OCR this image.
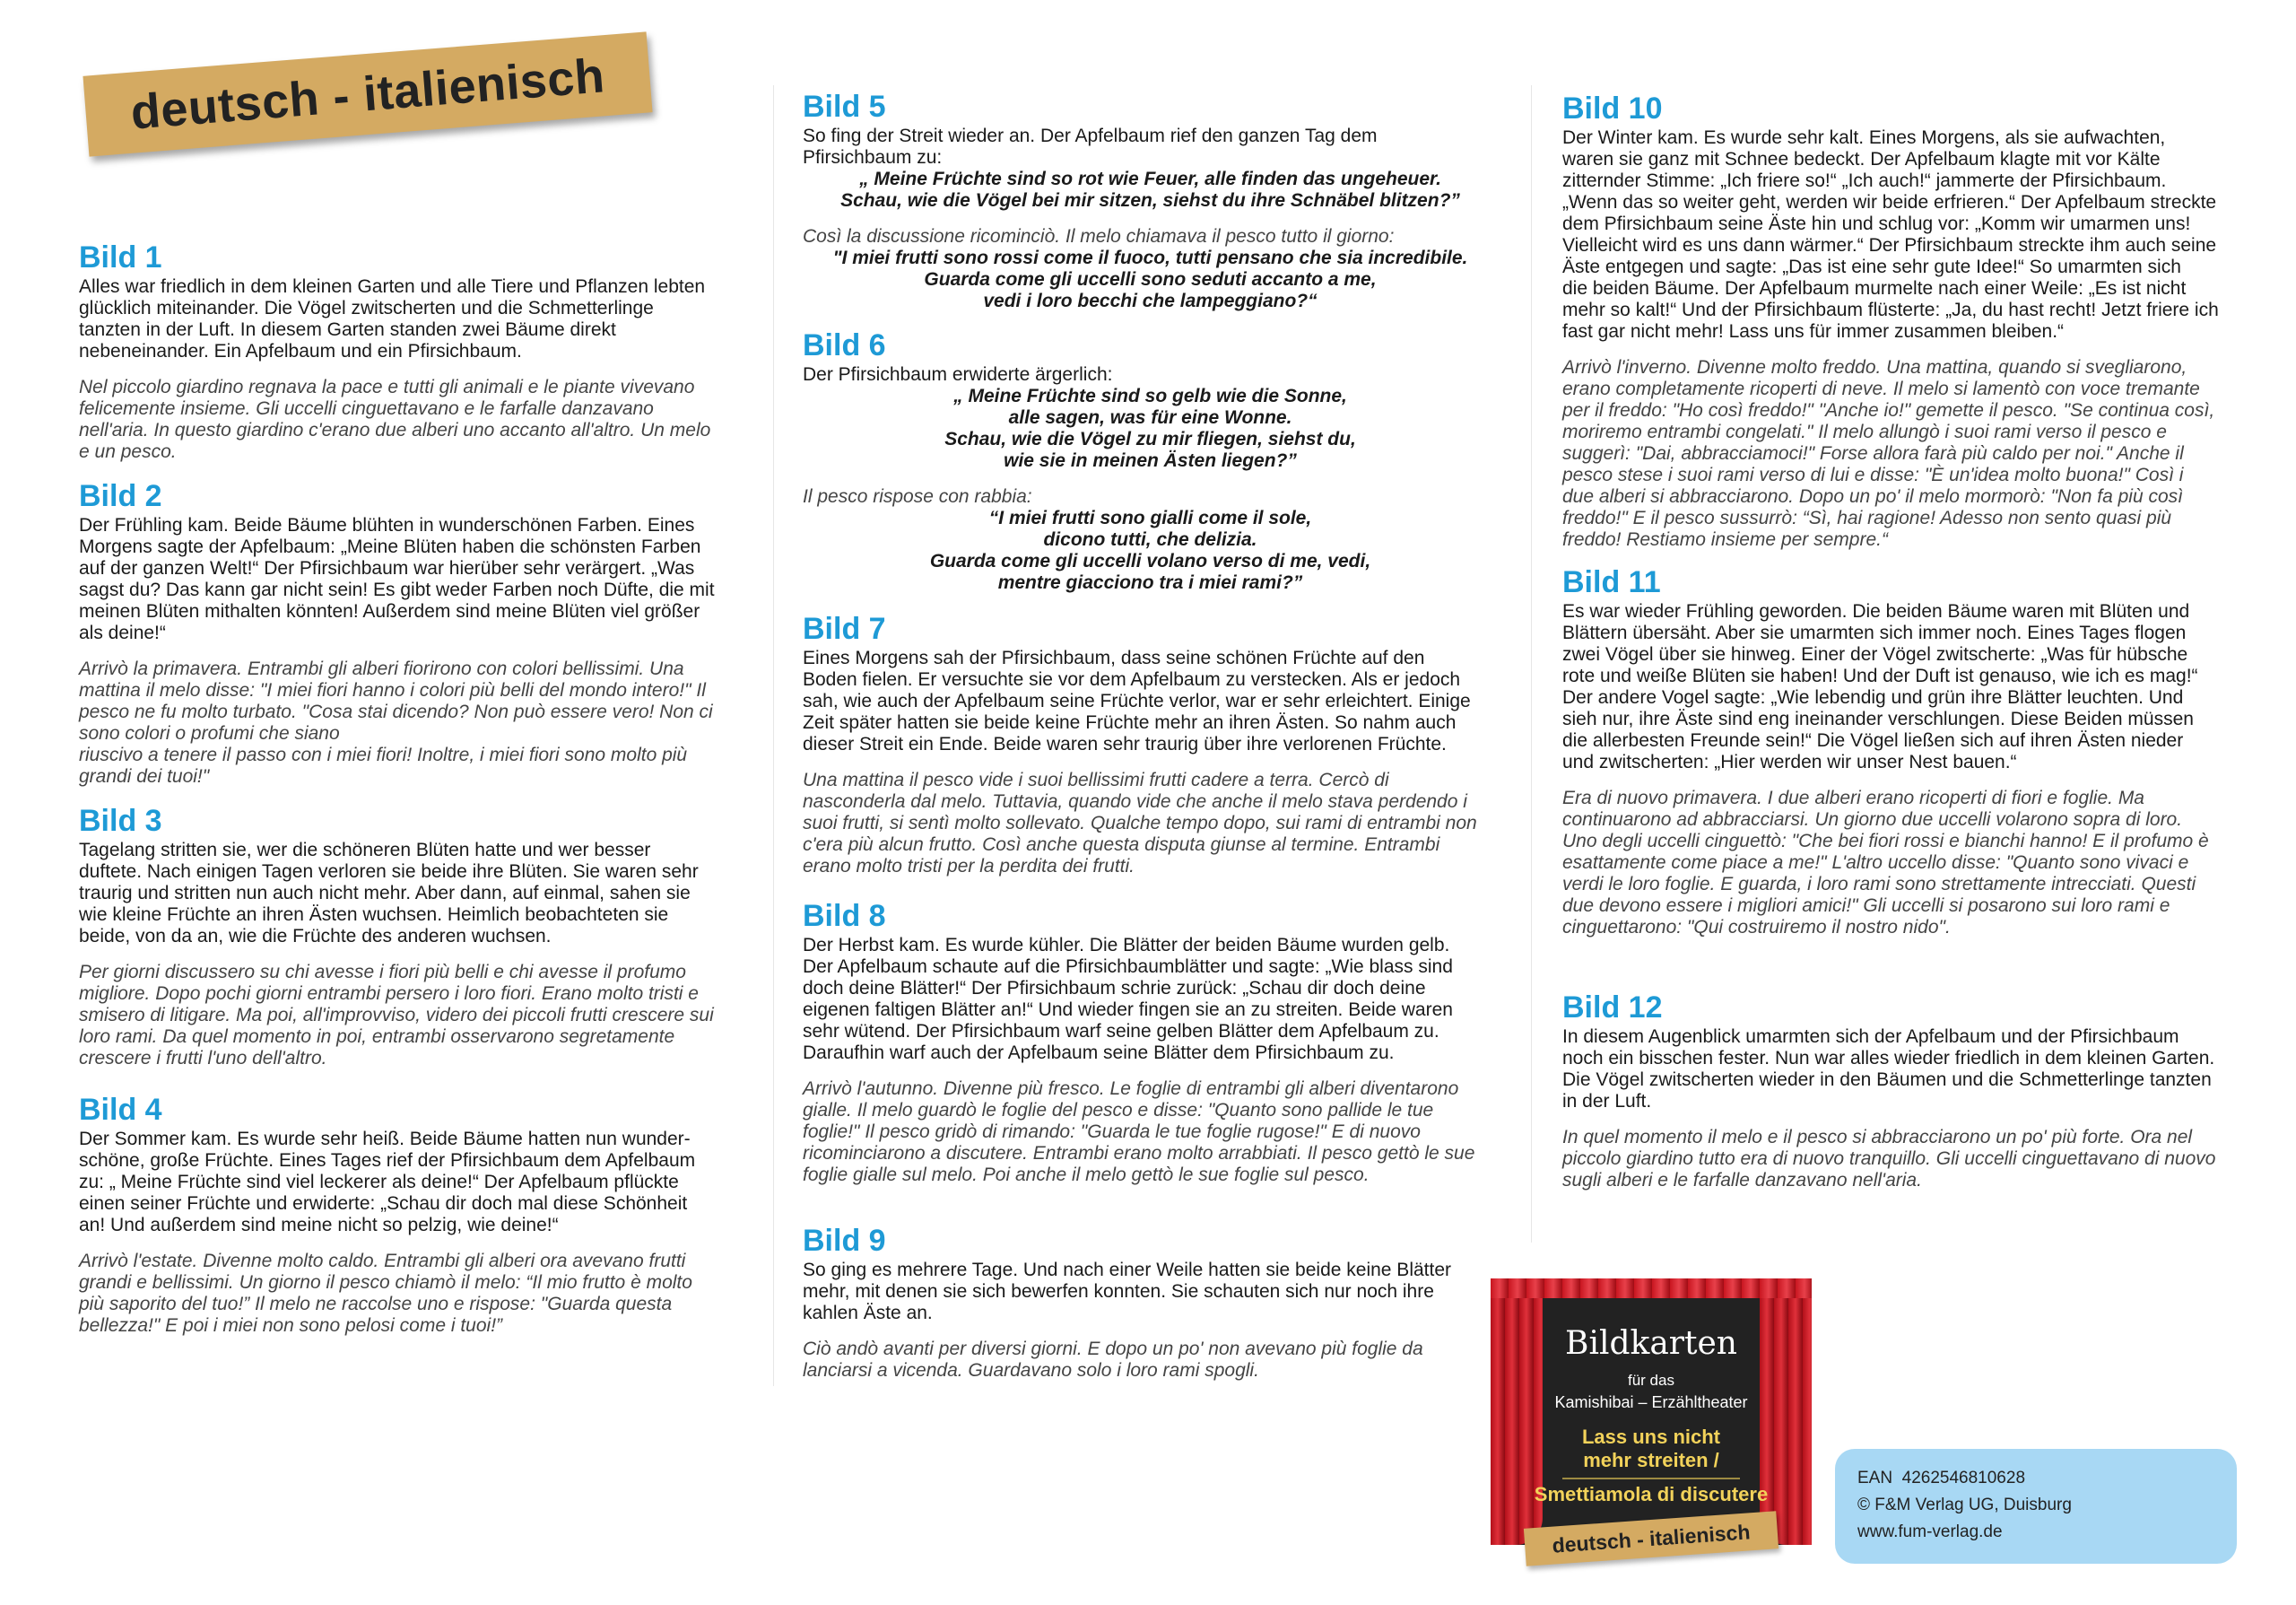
deutsch - italienisch
Bild 1

Alles war friedlich in dem kleinen Garten und alle Tiere und Pflanzen lebten
glücklich miteinander. Die Vögel zwitscherten und die Schmetterlinge
tanzten in der Luft. In diesem Garten standen zwei Bäume direkt
nebeneinander. Ein Apfelbaum und ein Pfirsichbaum.

Nel piccolo giardino regnava la pace e tutti gli animali e le piante vivevano
felicemente insieme. Gli uccelli cinguettavano e le farfalle danzavano
nell'aria. In questo giardino c'erano due alberi uno accanto all'altro. Un melo
e un pesco.

Bild 2

Der Frühling kam. Beide Bäume blühten in wunderschönen Farben. Eines
Morgens sagte der Apfelbaum: „Meine Blüten haben die schönsten Farben
auf der ganzen Welt!“ Der Pfirsichbaum war hierüber sehr verärgert. „Was
sagst du? Das kann gar nicht sein! Es gibt weder Farben noch Düfte, die mit
meinen Blüten mithalten könnten! Außerdem sind meine Blüten viel größer
als deine!“

Arrivò la primavera. Entrambi gli alberi fiorirono con colori bellissimi. Una
mattina il melo disse: "I miei fiori hanno i colori più belli del mondo intero!" Il
pesco ne fu molto turbato. "Cosa stai dicendo? Non può essere vero! Non ci
sono colori o profumi che siano
riuscivo a tenere il passo con i miei fiori! Inoltre, i miei fiori sono molto più
grandi dei tuoi!"

Bild 3

Tagelang stritten sie, wer die schöneren Blüten hatte und wer besser
duftete. Nach einigen Tagen verloren sie beide ihre Blüten. Sie waren sehr
traurig und stritten nun auch nicht mehr. Aber dann, auf einmal, sahen sie
wie kleine Früchte an ihren Ästen wuchsen. Heimlich beobachteten sie
beide, von da an, wie die Früchte des anderen wuchsen.

Per giorni discussero su chi avesse i fiori più belli e chi avesse il profumo
migliore. Dopo pochi giorni entrambi persero i loro fiori. Erano molto tristi e
smisero di litigare. Ma poi, all'improvviso, videro dei piccoli frutti crescere sui
loro rami. Da quel momento in poi, entrambi osservarono segretamente
crescere i frutti l'uno dell'altro.

Bild 4

Der Sommer kam. Es wurde sehr heiß. Beide Bäume hatten nun wunder-
schöne, große Früchte. Eines Tages rief der Pfirsichbaum dem Apfelbaum
zu: „ Meine Früchte sind viel leckerer als deine!“ Der Apfelbaum pflückte
einen seiner Früchte und erwiderte: „Schau dir doch mal diese Schönheit
an! Und außerdem sind meine nicht so pelzig, wie deine!“

Arrivò l'estate. Divenne molto caldo. Entrambi gli alberi ora avevano frutti
grandi e bellissimi. Un giorno il pesco chiamò il melo: “Il mio frutto è molto
più saporito del tuo!” Il melo ne raccolse uno e rispose: "Guarda questa
bellezza!" E poi i miei non sono pelosi come i tuoi!”

Bild 5

So fing der Streit wieder an. Der Apfelbaum rief den ganzen Tag dem
Pfirsichbaum zu:

„ Meine Früchte sind so rot wie Feuer, alle finden das ungeheuer.
Schau, wie die Vögel bei mir sitzen, siehst du ihre Schnäbel blitzen?”

Così la discussione ricominciò. Il melo chiamava il pesco tutto il giorno:

"I miei frutti sono rossi come il fuoco, tutti pensano che sia incredibile.
Guarda come gli uccelli sono seduti accanto a me,
vedi i loro becchi che lampeggiano?“

Bild 6

Der Pfirsichbaum erwiderte ärgerlich:

„ Meine Früchte sind so gelb wie die Sonne,
alle sagen, was für eine Wonne.
Schau, wie die Vögel zu mir fliegen, siehst du,
wie sie in meinen Ästen liegen?”

Il pesco rispose con rabbia:

“I miei frutti sono gialli come il sole,
dicono tutti, che delizia.
Guarda come gli uccelli volano verso di me, vedi,
mentre giacciono tra i miei rami?”

Bild 7

Eines Morgens sah der Pfirsichbaum, dass seine schönen Früchte auf den
Boden fielen. Er versuchte sie vor dem Apfelbaum zu verstecken. Als er jedoch
sah, wie auch der Apfelbaum seine Früchte verlor, war er sehr erleichtert. Einige
Zeit später hatten sie beide keine Früchte mehr an ihren Ästen. So nahm auch
dieser Streit ein Ende. Beide waren sehr traurig über ihre verlorenen Früchte.

Una mattina il pesco vide i suoi bellissimi frutti cadere a terra. Cercò di
nasconderla dal melo. Tuttavia, quando vide che anche il melo stava perdendo i
suoi frutti, si sentì molto sollevato. Qualche tempo dopo, sui rami di entrambi non
c'era più alcun frutto. Così anche questa disputa giunse al termine. Entrambi
erano molto tristi per la perdita dei frutti.

Bild 8

Der Herbst kam. Es wurde kühler. Die Blätter der beiden Bäume wurden gelb.
Der Apfelbaum schaute auf die Pfirsichbaumblätter und sagte: „Wie blass sind
doch deine Blätter!“ Der Pfirsichbaum schrie zurück: „Schau dir doch deine
eigenen faltigen Blätter an!“ Und wieder fingen sie an zu streiten. Beide waren
sehr wütend. Der Pfirsichbaum warf seine gelben Blätter dem Apfelbaum zu.
Daraufhin warf auch der Apfelbaum seine Blätter dem Pfirsichbaum zu.

Arrivò l'autunno. Divenne più fresco. Le foglie di entrambi gli alberi diventarono
gialle. Il melo guardò le foglie del pesco e disse: "Quanto sono pallide le tue
foglie!" Il pesco gridò di rimando: "Guarda le tue foglie rugose!" E di nuovo
ricominciarono a discutere. Entrambi erano molto arrabbiati. Il pesco gettò le sue
foglie gialle sul melo. Poi anche il melo gettò le sue foglie sul pesco.

Bild 9

So ging es mehrere Tage. Und nach einer Weile hatten sie beide keine Blätter
mehr, mit denen sie sich bewerfen konnten. Sie schauten sich nur noch ihre
kahlen Äste an.

Ciò andò avanti per diversi giorni. E dopo un po' non avevano più foglie da
lanciarsi a vicenda. Guardavano solo i loro rami spogli.

Bild 10

Der Winter kam. Es wurde sehr kalt. Eines Morgens, als sie aufwachten,
waren sie ganz mit Schnee bedeckt. Der Apfelbaum klagte mit vor Kälte
zitternder Stimme: „Ich friere so!“ „Ich auch!“ jammerte der Pfirsichbaum.
„Wenn das so weiter geht, werden wir beide erfrieren.“ Der Apfelbaum streckte
dem Pfirsichbaum seine Äste hin und schlug vor: „Komm wir umarmen uns!
Vielleicht wird es uns dann wärmer.“ Der Pfirsichbaum streckte ihm auch seine
Äste entgegen und sagte: „Das ist eine sehr gute Idee!“ So umarmten sich
die beiden Bäume. Der Apfelbaum murmelte nach einer Weile: „Es ist nicht
mehr so kalt!“ Und der Pfirsichbaum flüsterte: „Ja, du hast recht! Jetzt friere ich
fast gar nicht mehr! Lass uns für immer zusammen bleiben.“

Arrivò l'inverno. Divenne molto freddo. Una mattina, quando si svegliarono,
erano completamente ricoperti di neve. Il melo si lamentò con voce tremante
per il freddo: "Ho così freddo!" "Anche io!" gemette il pesco. "Se continua così,
moriremo entrambi congelati." Il melo allungò i suoi rami verso il pesco e
suggerì: "Dai, abbracciamoci!" Forse allora farà più caldo per noi." Anche il
pesco stese i suoi rami verso di lui e disse: "È un'idea molto buona!" Così i
due alberi si abbracciarono. Dopo un po' il melo mormorò: "Non fa più così
freddo!" E il pesco sussurrò: “Sì, hai ragione! Adesso non sento quasi più
freddo! Restiamo insieme per sempre.“

Bild 11

Es war wieder Frühling geworden. Die beiden Bäume waren mit Blüten und
Blättern übersäht. Aber sie umarmten sich immer noch. Eines Tages flogen
zwei Vögel über sie hinweg. Einer der Vögel zwitscherte: „Was für hübsche
rote und weiße Blüten sie haben! Und der Duft ist genauso, wie ich es mag!“
Der andere Vogel sagte: „Wie lebendig und grün ihre Blätter leuchten. Und
sieh nur, ihre Äste sind eng ineinander verschlungen. Diese Beiden müssen
die allerbesten Freunde sein!“ Die Vögel ließen sich auf ihren Ästen nieder
und zwitscherten: „Hier werden wir unser Nest bauen.“

Era di nuovo primavera. I due alberi erano ricoperti di fiori e foglie. Ma
continuarono ad abbracciarsi. Un giorno due uccelli volarono sopra di loro.
Uno degli uccelli cinguettò: "Che bei fiori rossi e bianchi hanno! E il profumo è
esattamente come piace a me!" L'altro uccello disse: "Quanto sono vivaci e
verdi le loro foglie. E guarda, i loro rami sono strettamente intrecciati. Questi
due devono essere i migliori amici!" Gli uccelli si posarono sui loro rami e
cinguettarono: "Qui costruiremo il nostro nido".

Bild 12

In diesem Augenblick umarmten sich der Apfelbaum und der Pfirsichbaum
noch ein bisschen fester. Nun war alles wieder friedlich in dem kleinen Garten.
Die Vögel zwitscherten wieder in den Bäumen und die Schmetterlinge tanzten
in der Luft.

In quel momento il melo e il pesco si abbracciarono un po' più forte. Ora nel
piccolo giardino tutto era di nuovo tranquillo. Gli uccelli cinguettavano di nuovo
sugli alberi e le farfalle danzavano nell'aria.

Bildkarten
für das
Kamishibai – Erzähltheater
Lass uns nicht
mehr streiten /
Smettiamola di discutere
deutsch - italienisch
EAN 4262546810628
© F&M Verlag UG, Duisburg
www.fum-verlag.de
